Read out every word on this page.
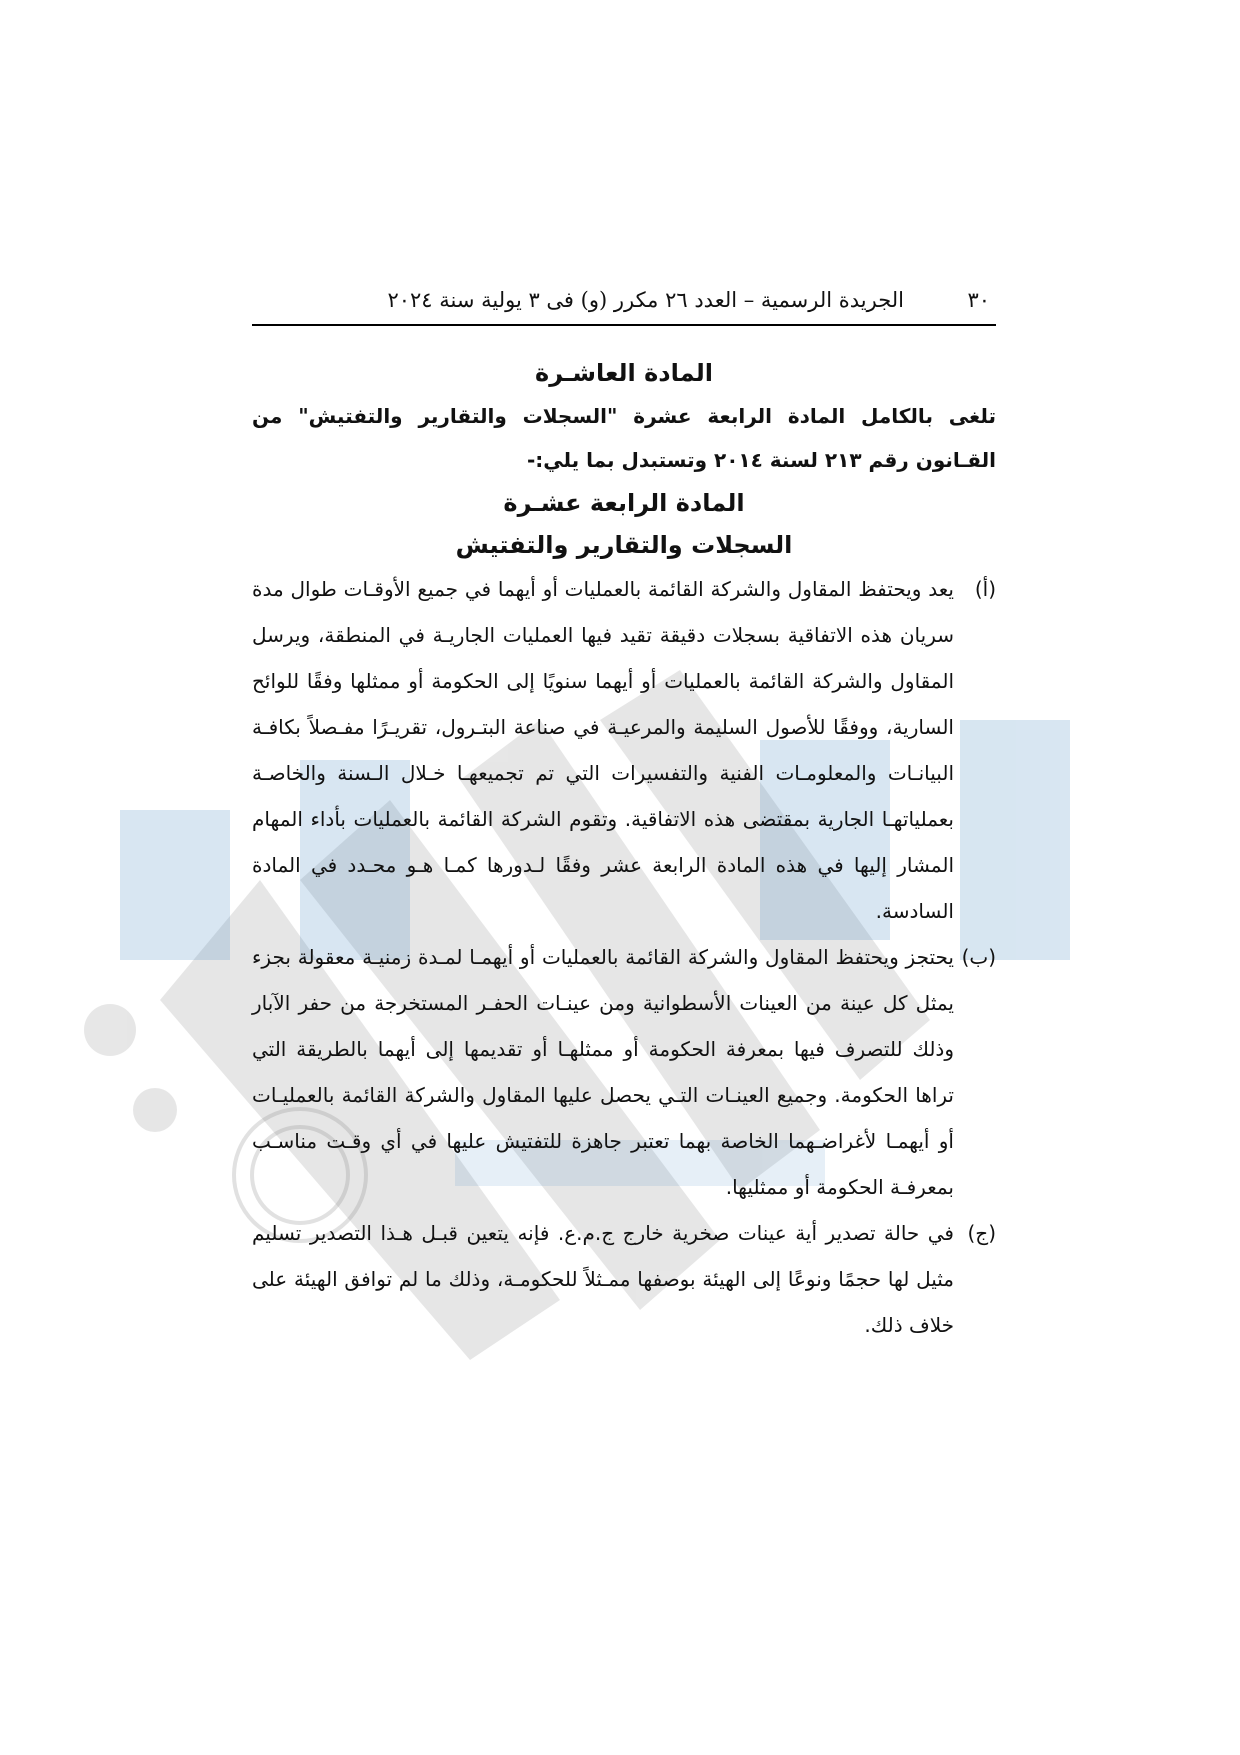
٣٠
الجريدة الرسمية – العدد ٢٦ مكرر (و) فى ٣ يولية سنة ٢٠٢٤

المادة العاشـرة

تلغى بالكامل المادة الرابعة عشرة "السجلات والتقارير والتفتيش" من القـانون رقم ٢١٣ لسنة ٢٠١٤ وتستبدل بما يلي:-

المادة الرابعة عشـرة

السجلات والتقارير والتفتيش

(أ)
يعد ويحتفظ المقاول والشركة القائمة بالعمليات أو أيهما في جميع الأوقـات طوال مدة سريان هذه الاتفاقية بسجلات دقيقة تقيد فيها العمليات الجاريـة في المنطقة، ويرسل المقاول والشركة القائمة بالعمليات أو أيهما سنويًا إلى الحكومة أو ممثلها وفقًا للوائح السارية، ووفقًا للأصول السليمة والمرعيـة في صناعة البتـرول، تقريـرًا مفـصلاً بكافـة البيانـات والمعلومـات الفنية والتفسيرات التي تم تجميعهـا خـلال الـسنة والخاصـة بعملياتهـا الجارية بمقتضى هذه الاتفاقية. وتقوم الشركة القائمة بالعمليات بأداء المهام المشار إليها في هذه المادة الرابعة عشر وفقًا لـدورها كمـا هـو محـدد في المادة السادسة.
(ب)
يحتجز ويحتفظ المقاول والشركة القائمة بالعمليات أو أيهمـا لمـدة زمنيـة معقولة بجزء يمثل كل عينة من العينات الأسطوانية ومن عينـات الحفـر المستخرجة من حفر الآبار وذلك للتصرف فيها بمعرفة الحكومة أو ممثلهـا أو تقديمها إلى أيهما بالطريقة التي تراها الحكومة. وجميع العينـات التـي يحصل عليها المقاول والشركة القائمة بالعمليـات أو أيهمـا لأغراضـهما الخاصة بهما تعتبر جاهزة للتفتيش عليها في أي وقـت مناسـب بمعرفـة الحكومة أو ممثليها.
(ج)
في حالة تصدير أية عينات صخرية خارج ج.م.ع. فإنه يتعين قبـل هـذا التصدير تسليم مثيل لها حجمًا ونوعًا إلى الهيئة بوصفها ممـثلاً للحكومـة، وذلك ما لم توافق الهيئة على خلاف ذلك.
